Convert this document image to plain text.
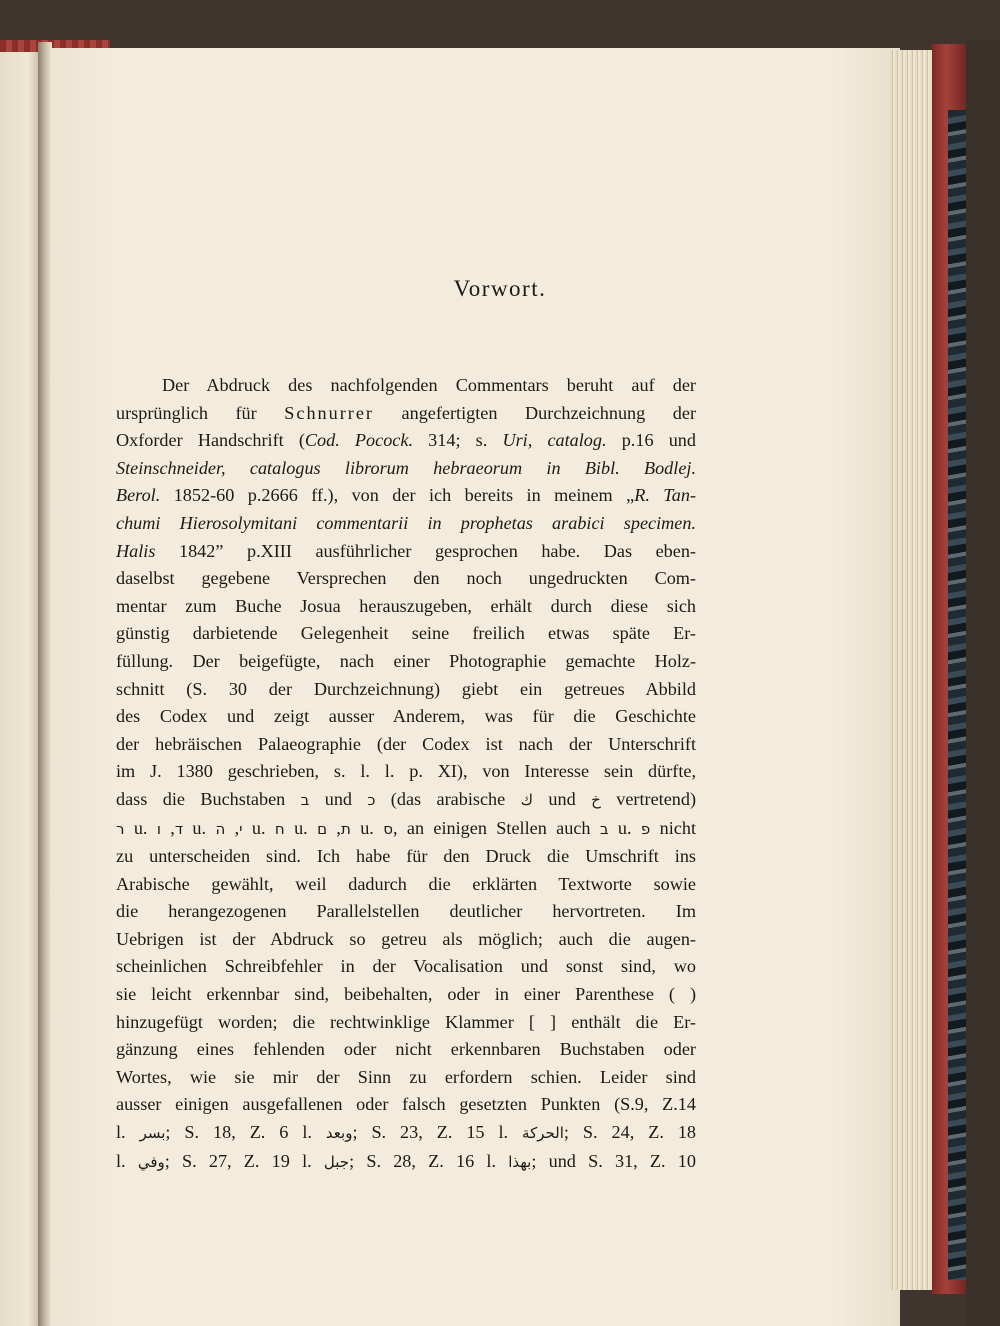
Vorwort.
Der Abdruck des nachfolgenden Commentars beruht auf der
ursprünglich für Schnurrer angefertigten Durchzeichnung der
Oxforder Handschrift (Cod. Pocock. 314; s. Uri, catalog. p.16 und
Steinschneider, catalogus librorum hebraeorum in Bibl. Bodlej.
Berol. 1852-60 p.2666 ff.), von der ich bereits in meinem „R. Tan-
chumi Hierosolymitani commentarii in prophetas arabici specimen.
Halis 1842” p.XIII ausführlicher gesprochen habe. Das eben-
daselbst gegebene Versprechen den noch ungedruckten Com-
mentar zum Buche Josua herauszugeben, erhält durch diese sich
günstig darbietende Gelegenheit seine freilich etwas späte Er-
füllung. Der beigefügte, nach einer Photographie gemachte Holz-
schnitt (S. 30 der Durchzeichnung) giebt ein getreues Abbild
des Codex und zeigt ausser Anderem, was für die Geschichte
der hebräischen Palaeographie (der Codex ist nach der Unterschrift
im J. 1380 geschrieben, s. l. l. p. XI), von Interesse sein dürfte,
dass die Buchstaben ב und כ (das arabische ك und خ vertretend)
ר u. ד, ו u. י, ה u. ח u. ת, ם u. ס, an einigen Stellen auch ב u. פ nicht
zu unterscheiden sind. Ich habe für den Druck die Umschrift ins
Arabische gewählt, weil dadurch die erklärten Textworte sowie
die herangezogenen Parallelstellen deutlicher hervortreten. Im
Uebrigen ist der Abdruck so getreu als möglich; auch die augen-
scheinlichen Schreibfehler in der Vocalisation und sonst sind, wo
sie leicht erkennbar sind, beibehalten, oder in einer Parenthese ( )
hinzugefügt worden; die rechtwinklige Klammer [ ] enthält die Er-
gänzung eines fehlenden oder nicht erkennbaren Buchstaben oder
Wortes, wie sie mir der Sinn zu erfordern schien. Leider sind
ausser einigen ausgefallenen oder falsch gesetzten Punkten (S.9, Z.14
l. بسر; S. 18, Z. 6 l. وبعد; S. 23, Z. 15 l. الحركة; S. 24, Z. 18
l. وفي; S. 27, Z. 19 l. جبل; S. 28, Z. 16 l. بهذا; und S. 31, Z. 10
